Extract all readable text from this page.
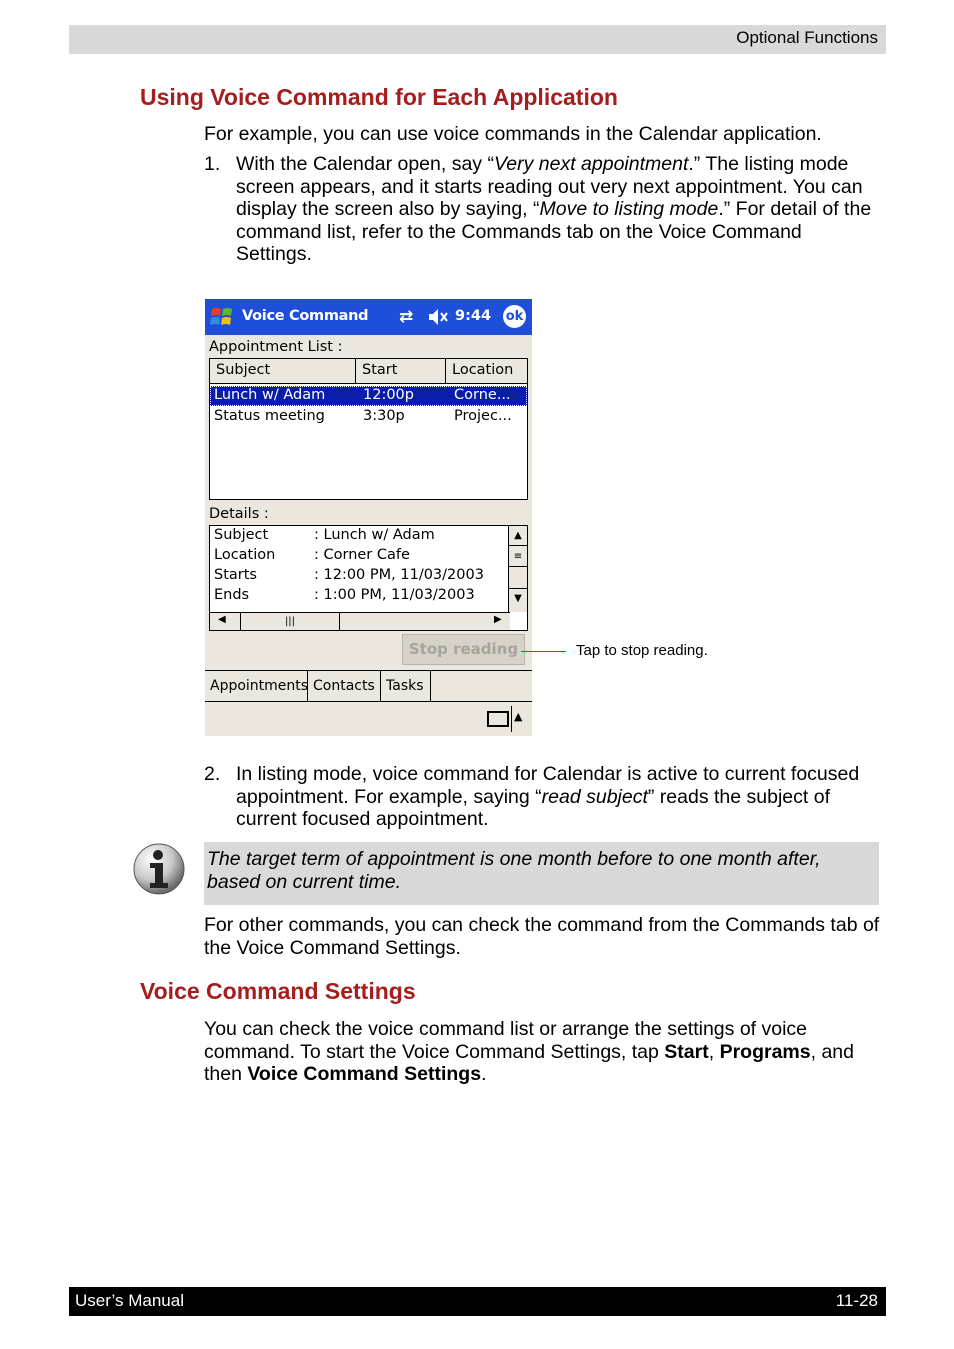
Optional Functions
Using Voice Command for Each Application
For example, you can use voice commands in the Calendar application.
1. With the Calendar open, say “Very next appointment.” The listing mode screen appears, and it starts reading out very next appointment. You can display the screen also by saying, “Move to listing mode.” For detail of the command list, refer to the Commands tab on the Voice Command Settings.
Voice Command ⇄	9:44 ok
Appointment List :
Subject	Start	Location
Lunch w/ Adam	12:00p	Corne...
Status meeting	3:30p	Projec...
Details :
Subject	: Lunch w/ Adam
Location	: Corner Cafe
Starts	: 12:00 PM, 11/03/2003
Ends	: 1:00 PM, 11/03/2003
▲
≡
▼
◀	|||	▶
Stop reading
Appointments Contacts Tasks
▲
Tap to stop reading.
2. In listing mode, voice command for Calendar is active to current focused appointment. For example, saying “read subject” reads the subject of current focused appointment.
The target term of appointment is one month before to one month after, based on current time.
For other commands, you can check the command from the Commands tab of the Voice Command Settings.
Voice Command Settings
You can check the voice command list or arrange the settings of voice command. To start the Voice Command Settings, tap Start, Programs, and then Voice Command Settings.
User’s Manual	11-28
